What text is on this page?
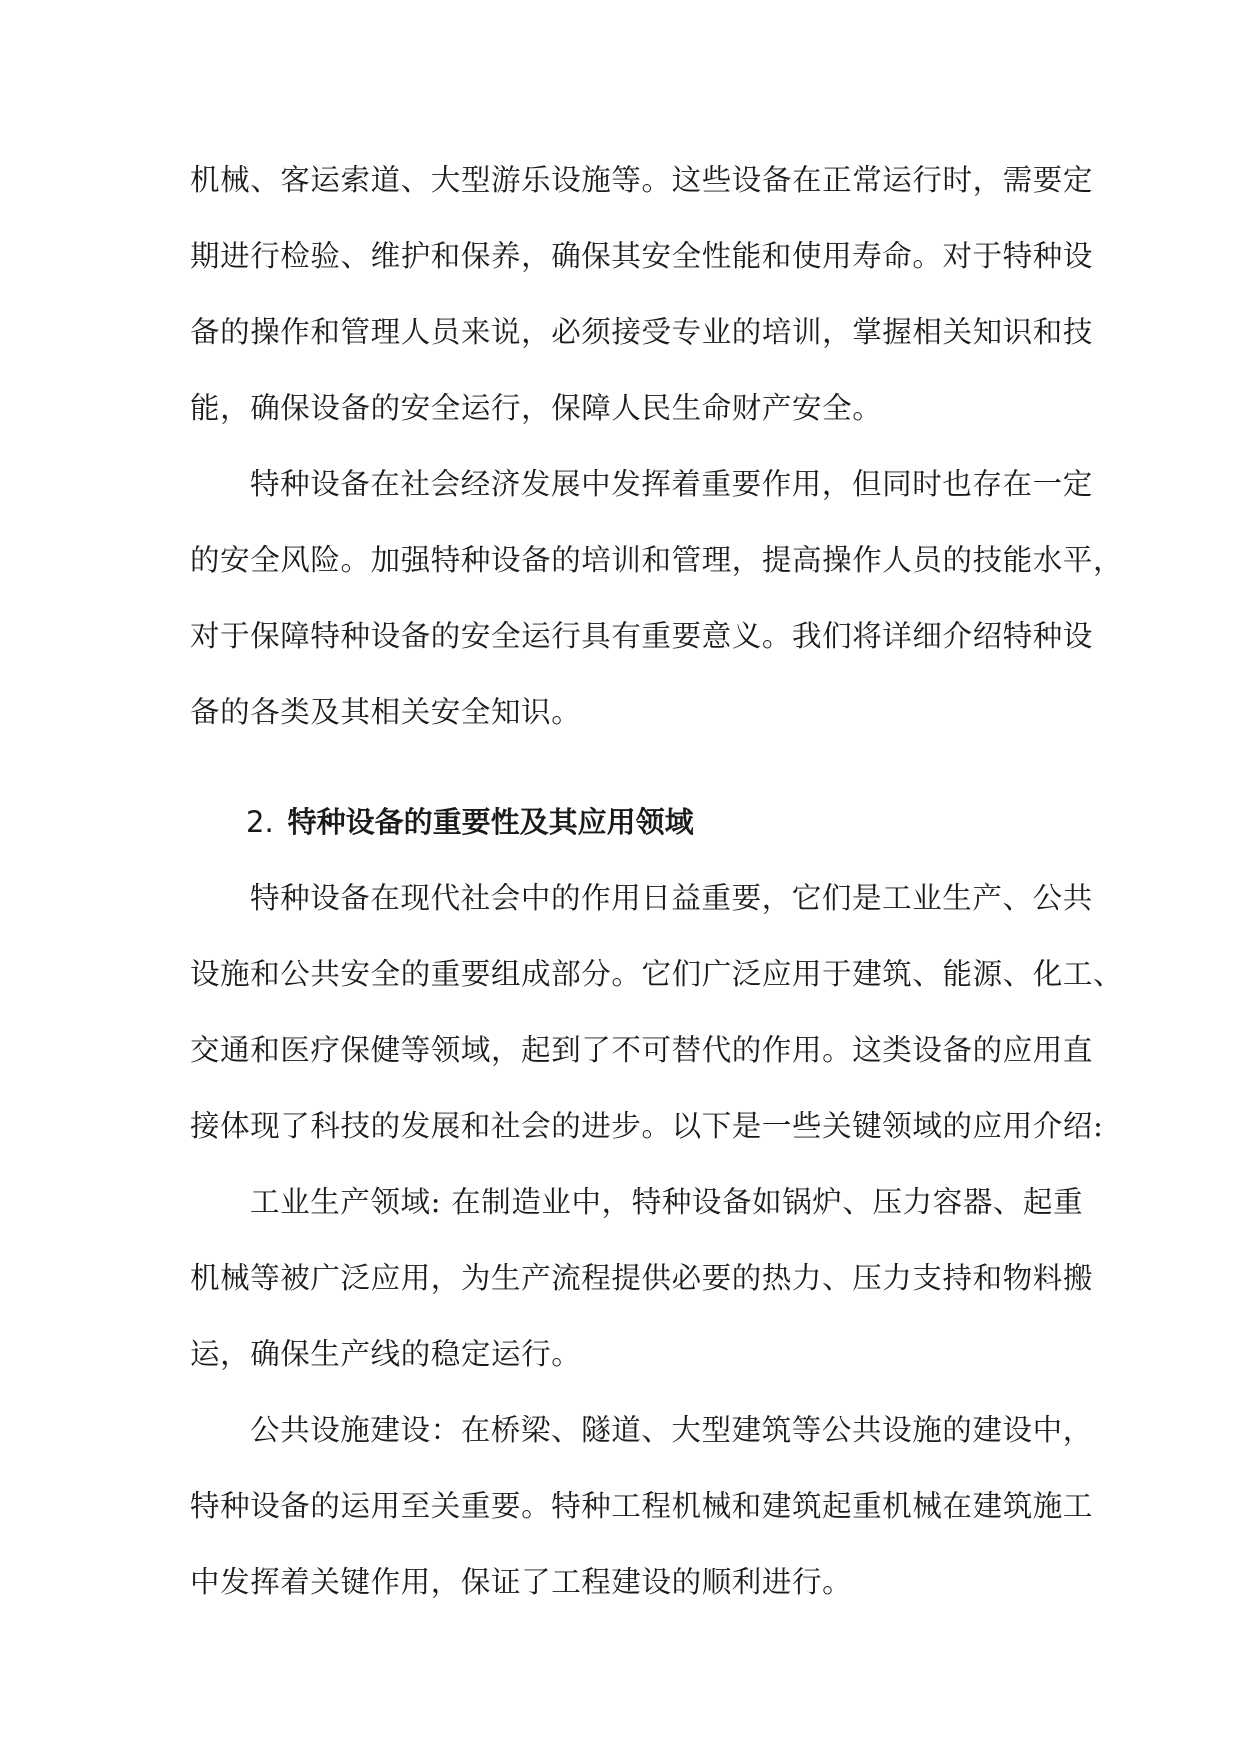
机械、客运索道、大型游乐设施等。这些设备在正常运行时，需要定
期进行检验、维护和保养，确保其安全性能和使用寿命。对于特种设
备的操作和管理人员来说，必须接受专业的培训，掌握相关知识和技
能，确保设备的安全运行，保障人民生命财产安全。
特种设备在社会经济发展中发挥着重要作用，但同时也存在一定
的安全风险。加强特种设备的培训和管理，提高操作人员的技能水平，
对于保障特种设备的安全运行具有重要意义。我们将详细介绍特种设
备的各类及其相关安全知识。
2. 特种设备的重要性及其应用领域
特种设备在现代社会中的作用日益重要，它们是工业生产、公共
设施和公共安全的重要组成部分。它们广泛应用于建筑、能源、化工、
交通和医疗保健等领域，起到了不可替代的作用。这类设备的应用直
接体现了科技的发展和社会的进步。以下是一些关键领域的应用介绍:
工业生产领域: 在制造业中，特种设备如锅炉、压力容器、起重
机械等被广泛应用，为生产流程提供必要的热力、压力支持和物料搬
运，确保生产线的稳定运行。
公共设施建设：在桥梁、隧道、大型建筑等公共设施的建设中，
特种设备的运用至关重要。特种工程机械和建筑起重机械在建筑施工
中发挥着关键作用，保证了工程建设的顺利进行。
